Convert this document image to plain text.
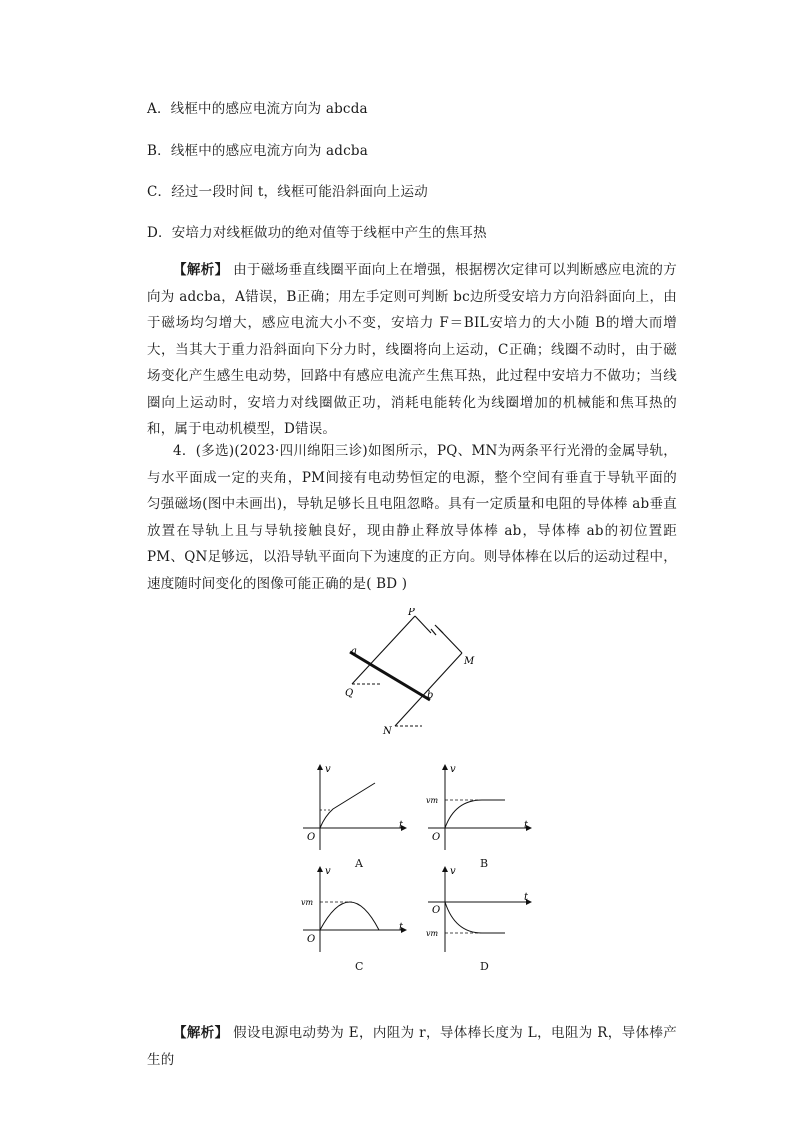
A．线框中的感应电流方向为 abcda
B．线框中的感应电流方向为 adcba
C．经过一段时间 t，线框可能沿斜面向上运动
D．安培力对线框做功的绝对值等于线框中产生的焦耳热
【解析】 由于磁场垂直线圈平面向上在增强，根据楞次定律可以判断感应电流的方向为 adcba，A错误，B正确；用左手定则可判断 bc边所受安培力方向沿斜面向上，由于磁场均匀增大，感应电流大小不变，安培力 F＝BIL安培力的大小随 B的增大而增大，当其大于重力沿斜面向下分力时，线圈将向上运动，C正确；线圈不动时，由于磁场变化产生感生电动势，回路中有感应电流产生焦耳热，此过程中安培力不做功；当线圈向上运动时，安培力对线圈做正功，消耗电能转化为线圈增加的机械能和焦耳热的和，属于电动机模型，D错误。
4．(多选)(2023·四川绵阳三诊)如图所示，PQ、MN为两条平行光滑的金属导轨，与水平面成一定的夹角，PM间接有电动势恒定的电源，整个空间有垂直于导轨平面的匀强磁场(图中未画出)，导轨足够长且电阻忽略。具有一定质量和电阻的导体棒 ab垂直放置在导轨上且与导轨接触良好，现由静止释放导体棒 ab，导体棒 ab的初位置距 PM、QN足够远，以沿导轨平面向下为速度的正方向。则导体棒在以后的运动过程中，速度随时间变化的图像可能正确的是( BD )
P
M
Q
N
a
b
v
t
O
A
v
t
O
vm
B
v
t
O
vm
C
v
t
O
vm
D
【解析】 假设电源电动势为 E，内阻为 r，导体棒长度为 L，电阻为 R，导体棒产生的
